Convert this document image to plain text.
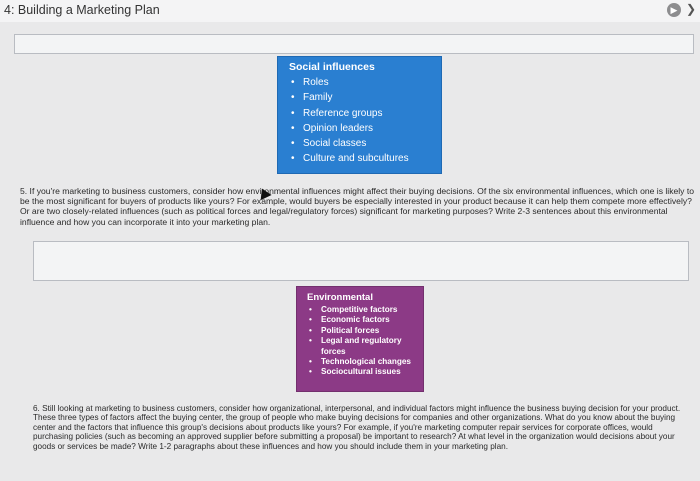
4: Building a Marketing Plan	▶ ❯
Social influences
• Roles
• Family
• Reference groups
• Opinion leaders
• Social classes
• Culture and subcultures
5. If you're marketing to business customers, consider how environmental influences might affect their buying decisions. Of the six environmental influences, which one is likely to be the most significant for buyers of products like yours? For example, would buyers be especially interested in your product because it can help them compete more effectively? Or are two closely-related influences (such as political forces and legal/regulatory forces) significant for marketing purposes? Write 2-3 sentences about this environmental influence and how you can incorporate it into your marketing plan.
Environmental
• Competitive factors
• Economic factors
• Political forces
• Legal and regulatory forces
• Technological changes
• Sociocultural issues
6. Still looking at marketing to business customers, consider how organizational, interpersonal, and individual factors might influence the business buying decision for your product. These three types of factors affect the buying center, the group of people who make buying decisions for companies and other organizations. What do you know about the buying center and the factors that influence this group's decisions about products like yours? For example, if you're marketing computer repair services for corporate offices, would purchasing policies (such as becoming an approved supplier before submitting a proposal) be important to research? At what level in the organization would decisions about your goods or services be made? Write 1-2 paragraphs about these influences and how you should include them in your marketing plan.
